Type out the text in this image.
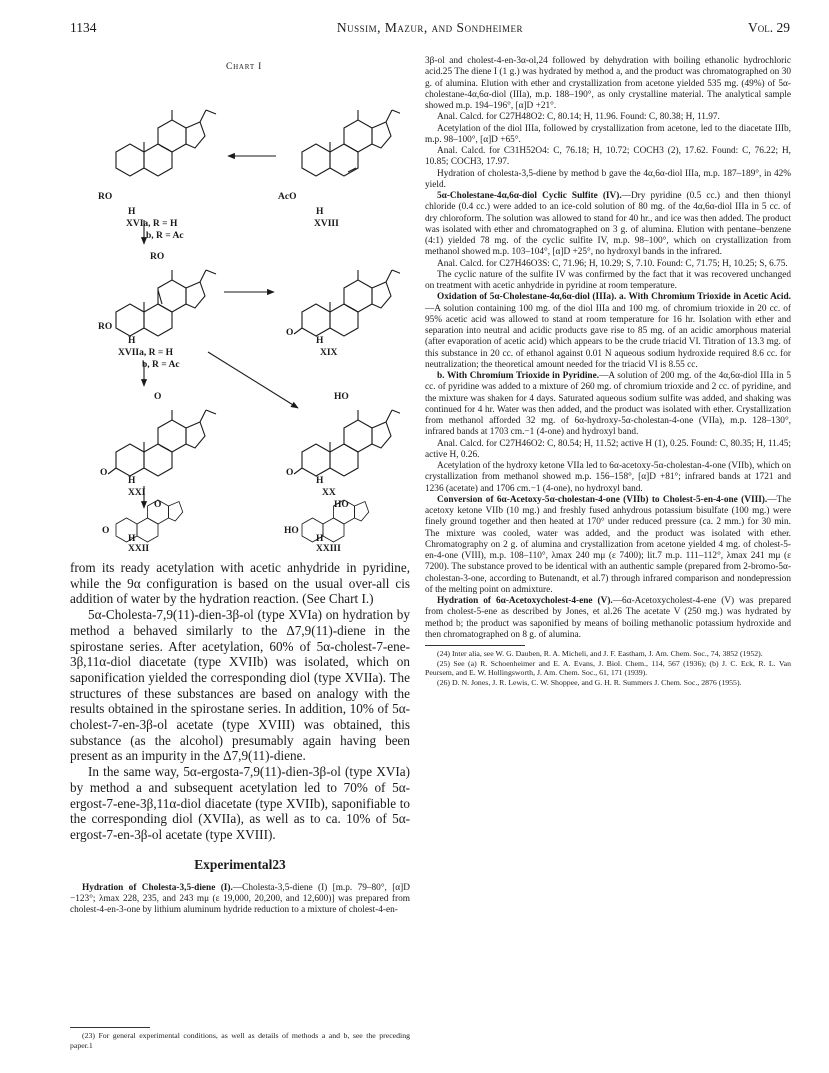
1134	Nussim, Mazur, and Sondheimer	Vol. 29
Chart I
RO
H
XVIa, R = H
b, R = Ac
AcO
H
XVIII
RO
RO
H
XVIIa, R = H
b, R = Ac
O
H
XIX
HO
O
O
H
XXI
O
H
XX
O
O
H
XXII
HO
HO
H
XXIII

from its ready acetylation with acetic anhydride in pyridine, while the 9α configuration is based on the usual over-all cis addition of water by the hydration reaction. (See Chart I.)

5α-Cholesta-7,9(11)-dien-3β-ol (type XVIa) on hydration by method a behaved similarly to the Δ7,9(11)-diene in the spirostane series. After acetylation, 60% of 5α-cholest-7-ene-3β,11α-diol diacetate (type XVIIb) was isolated, which on saponification yielded the corresponding diol (type XVIIa). The structures of these substances are based on analogy with the results obtained in the spirostane series. In addition, 10% of 5α-cholest-7-en-3β-ol acetate (type XVIII) was obtained, this substance (as the alcohol) presumably again having been present as an impurity in the Δ7,9(11)-diene.

In the same way, 5α-ergosta-7,9(11)-dien-3β-ol (type XVIa) by method a and subsequent acetylation led to 70% of 5α-ergost-7-ene-3β,11α-diol diacetate (type XVIIb), saponifiable to the corresponding diol (XVIIa), as well as to ca. 10% of 5α-ergost-7-en-3β-ol acetate (type XVIII).

Experimental23

Hydration of Cholesta-3,5-diene (I).—Cholesta-3,5-diene (I) [m.p. 79–80°, [α]D −123°; λmax 228, 235, and 243 mμ (ε 19,000, 20,200, and 12,600)] was prepared from cholest-4-en-3-one by lithium aluminum hydride reduction to a mixture of cholest-4-en-

(23) For general experimental conditions, as well as details of methods a and b, see the preceding paper.1

3β-ol and cholest-4-en-3α-ol,24 followed by dehydration with boiling ethanolic hydrochloric acid.25 The diene I (1 g.) was hydrated by method a, and the product was chromatographed on 30 g. of alumina. Elution with ether and crystallization from acetone yielded 535 mg. (49%) of 5α-cholestane-4α,6α-diol (IIIa), m.p. 188–190°, as only crystalline material. The analytical sample showed m.p. 194–196°, [α]D +21°.

Anal. Calcd. for C27H48O2: C, 80.14; H, 11.96. Found: C, 80.38; H, 11.97.

Acetylation of the diol IIIa, followed by crystallization from acetone, led to the diacetate IIIb, m.p. 98–100°, [α]D +65°.

Anal. Calcd. for C31H52O4: C, 76.18; H, 10.72; COCH3 (2), 17.62. Found: C, 76.22; H, 10.85; COCH3, 17.97.

Hydration of cholesta-3,5-diene by method b gave the 4α,6α-diol IIIa, m.p. 187–189°, in 42% yield.

5α-Cholestane-4α,6α-diol Cyclic Sulfite (IV).—Dry pyridine (0.5 cc.) and then thionyl chloride (0.4 cc.) were added to an ice-cold solution of 80 mg. of the 4α,6α-diol IIIa in 5 cc. of dry chloroform. The solution was allowed to stand for 40 hr., and ice was then added. The product was isolated with ether and chromatographed on 3 g. of alumina. Elution with pentane–benzene (4:1) yielded 78 mg. of the cyclic sulfite IV, m.p. 98–100°, which on crystallization from methanol showed m.p. 103–104°, [α]D +25°, no hydroxyl bands in the infrared.

Anal. Calcd. for C27H46O3S: C, 71.96; H, 10.29; S, 7.10. Found: C, 71.75; H, 10.25; S, 6.75.

The cyclic nature of the sulfite IV was confirmed by the fact that it was recovered unchanged on treatment with acetic anhydride in pyridine at room temperature.

Oxidation of 5α-Cholestane-4α,6α-diol (IIIa). a. With Chromium Trioxide in Acetic Acid.—A solution containing 100 mg. of the diol IIIa and 100 mg. of chromium trioxide in 20 cc. of 95% acetic acid was allowed to stand at room temperature for 16 hr. Isolation with ether and separation into neutral and acidic products gave rise to 85 mg. of an acidic amorphous material (after evaporation of acetic acid) which appears to be the crude triacid VI. Titration of 13.3 mg. of this substance in 20 cc. of ethanol against 0.01 N aqueous sodium hydroxide required 8.6 cc. for neutralization; the theoretical amount needed for the triacid VI is 8.55 cc.

b. With Chromium Trioxide in Pyridine.—A solution of 200 mg. of the 4α,6α-diol IIIa in 5 cc. of pyridine was added to a mixture of 260 mg. of chromium trioxide and 2 cc. of pyridine, and the mixture was shaken for 4 days. Saturated aqueous sodium sulfite was added, and shaking was continued for 4 hr. Water was then added, and the product was isolated with ether. Crystallization from methanol afforded 32 mg. of 6α-hydroxy-5α-cholestan-4-one (VIIa), m.p. 128–130°, infrared bands at 1703 cm.−1 (4-one) and hydroxyl band.

Anal. Calcd. for C27H46O2: C, 80.54; H, 11.52; active H (1), 0.25. Found: C, 80.35; H, 11.45; active H, 0.26.

Acetylation of the hydroxy ketone VIIa led to 6α-acetoxy-5α-cholestan-4-one (VIIb), which on crystallization from methanol showed m.p. 156–158°, [α]D +81°; infrared bands at 1721 and 1236 (acetate) and 1706 cm.−1 (4-one), no hydroxyl band.

Conversion of 6α-Acetoxy-5α-cholestan-4-one (VIIb) to Cholest-5-en-4-one (VIII).—The acetoxy ketone VIIb (10 mg.) and freshly fused anhydrous potassium bisulfate (100 mg.) were finely ground together and then heated at 170° under reduced pressure (ca. 2 mm.) for 30 min. The mixture was cooled, water was added, and the product was isolated with ether. Chromatography on 2 g. of alumina and crystallization from acetone yielded 4 mg. of cholest-5-en-4-one (VIII), m.p. 108–110°, λmax 240 mμ (ε 7400); lit.7 m.p. 111–112°, λmax 241 mμ (ε 7200). The substance proved to be identical with an authentic sample (prepared from 2-bromo-5α-cholestan-3-one, according to Butenandt, et al.7) through infrared comparison and nondepression of the melting point on admixture.

Hydration of 6α-Acetoxycholest-4-ene (V).—6α-Acetoxycholest-4-ene (V) was prepared from cholest-5-ene as described by Jones, et al.26 The acetate V (250 mg.) was hydrated by method b; the product was saponified by means of boiling methanolic potassium hydroxide and then chromatographed on 8 g. of alumina.

(24) Inter alia, see W. G. Dauben, R. A. Micheli, and J. F. Eastham, J. Am. Chem. Soc., 74, 3852 (1952).

(25) See (a) R. Schoenheimer and E. A. Evans, J. Biol. Chem., 114, 567 (1936); (b) J. C. Eck, R. L. Van Peursem, and E. W. Hollingsworth, J. Am. Chem. Soc., 61, 171 (1939).

(26) D. N. Jones, J. R. Lewis, C. W. Shoppee, and G. H. R. Summers J. Chem. Soc., 2876 (1955).
